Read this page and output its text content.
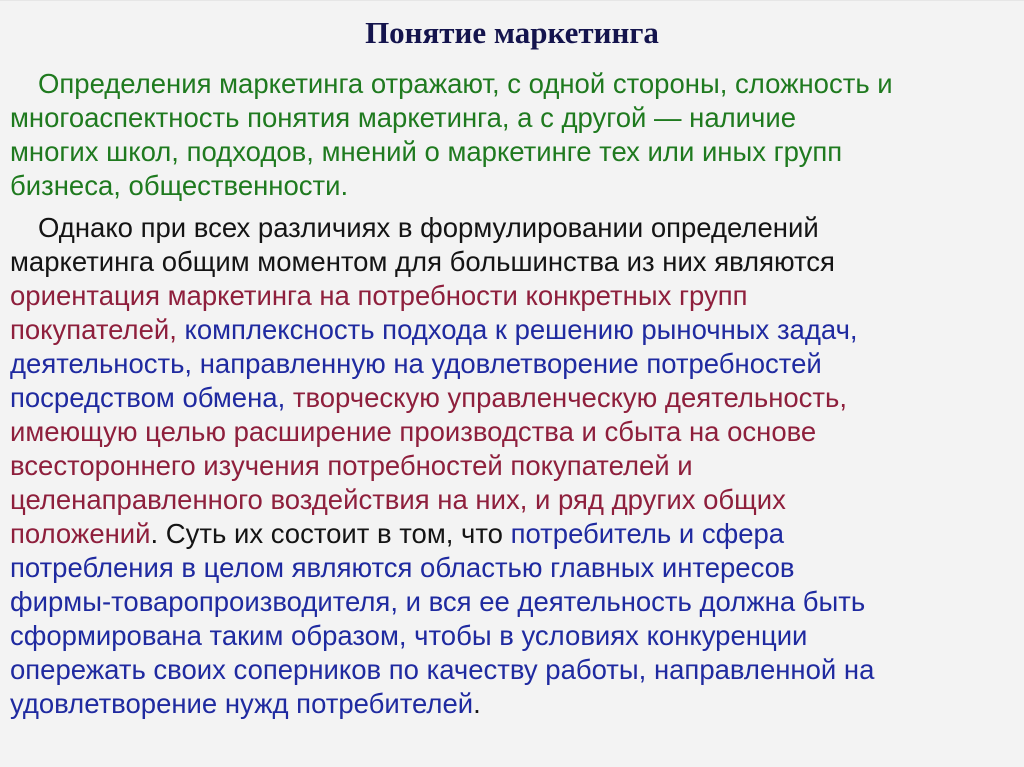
Понятие маркетинга
Определения маркетинга отражают, с одной стороны, сложность и
многоаспектность понятия маркетинга, а с другой — наличие
многих школ, подходов, мнений о маркетинге тех или иных групп
бизнеса, общественности.
Однако при всех различиях в формулировании определений
маркетинга общим моментом для большинства из них являются
ориентация маркетинга на потребности конкретных групп
покупателей, комплексность подхода к решению рыночных задач,
деятельность, направленную на удовлетворение потребностей
посредством обмена, творческую управленческую деятельность,
имеющую целью расширение производства и сбыта на основе
всестороннего изучения потребностей покупателей и
целенаправленного воздействия на них, и ряд других общих
положений. Суть их состоит в том, что потребитель и сфера
потребления в целом являются областью главных интересов
фирмы-товаропроизводителя, и вся ее деятельность должна быть
сформирована таким образом, чтобы в условиях конкуренции
опережать своих соперников по качеству работы, направленной на
удовлетворение нужд потребителей.
